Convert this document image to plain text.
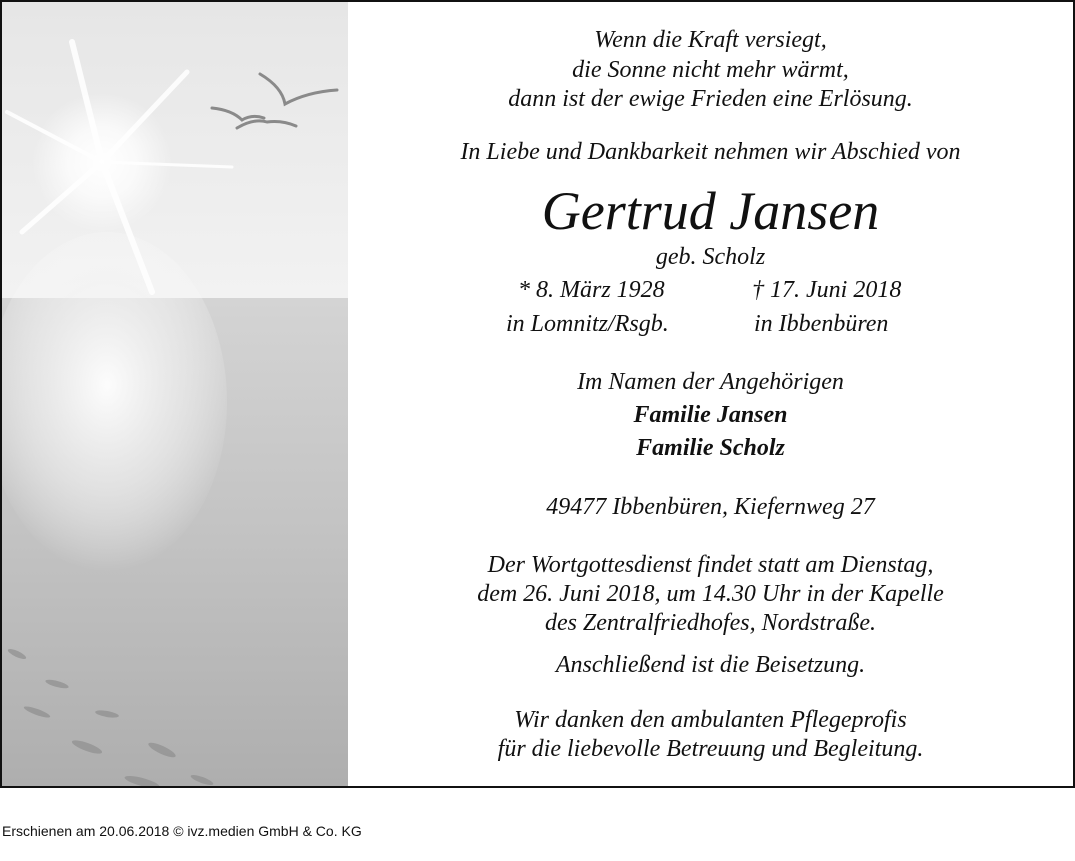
Wenn die Kraft versiegt,
die Sonne nicht mehr wärmt,
dann ist der ewige Frieden eine Erlösung.
In Liebe und Dankbarkeit nehmen wir Abschied von
Gertrud Jansen
geb. Scholz
* 8. März 1928	† 17. Juni 2018
in Lomnitz/Rsgb.	in Ibbenbüren
Im Namen der Angehörigen
Familie Jansen
Familie Scholz
49477 Ibbenbüren, Kiefernweg 27
Der Wortgottesdienst findet statt am Dienstag,
dem 26. Juni 2018, um 14.30 Uhr in der Kapelle
des Zentralfriedhofes, Nordstraße.
Anschließend ist die Beisetzung.
Wir danken den ambulanten Pflegeprofis
für die liebevolle Betreuung und Begleitung.
Erschienen am 20.06.2018 © ivz.medien GmbH & Co. KG
